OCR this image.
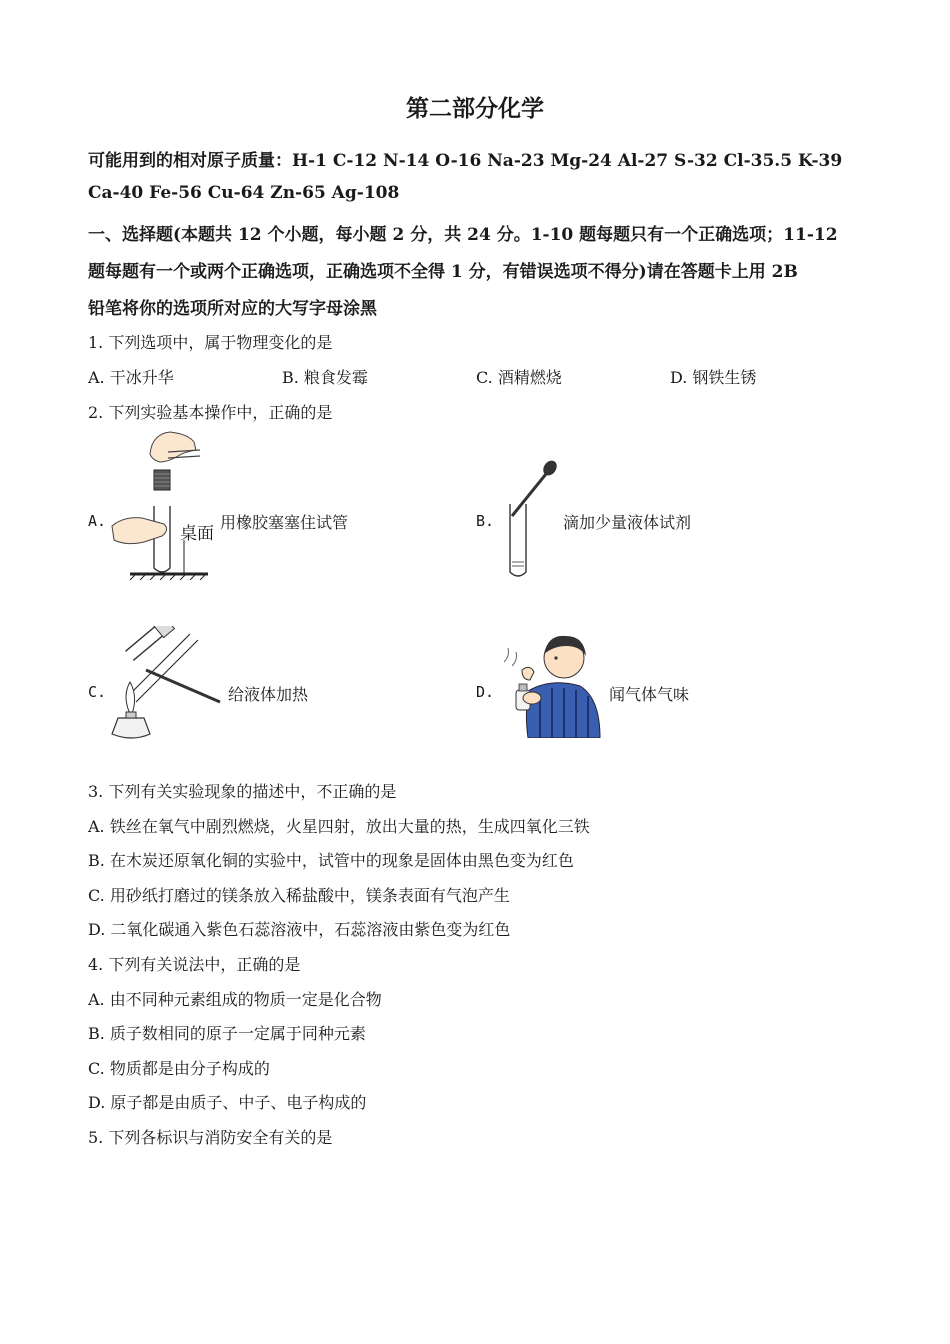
第二部分化学
可能用到的相对原子质量：H-1 C-12 N-14 O-16 Na-23 Mg-24 Al-27 S-32 Cl-35.5 K-39
Ca-40 Fe-56 Cu-64 Zn-65 Ag-108
一、选择题(本题共 12 个小题，每小题 2 分，共 24 分。1-10 题每题只有一个正确选项；11-12
题每题有一个或两个正确选项，正确选项不全得 1 分，有错误选项不得分)请在答题卡上用 2B
铅笔将你的选项所对应的大写字母涂黑
1. 下列选项中，属于物理变化的是
A. 干冰升华	B. 粮食发霉	C. 酒精燃烧	D. 钢铁生锈
2. 下列实验基本操作中，正确的是
A.
桌面
用橡胶塞塞住试管	B.	滴加少量液体试剂
C.	给液体加热	D.	闻气体气味
3. 下列有关实验现象的描述中，不正确的是
A. 铁丝在氧气中剧烈燃烧，火星四射，放出大量的热，生成四氧化三铁
B. 在木炭还原氧化铜的实验中，试管中的现象是固体由黑色变为红色
C. 用砂纸打磨过的镁条放入稀盐酸中，镁条表面有气泡产生
D. 二氧化碳通入紫色石蕊溶液中，石蕊溶液由紫色变为红色
4. 下列有关说法中，正确的是
A. 由不同种元素组成的物质一定是化合物
B. 质子数相同的原子一定属于同种元素
C. 物质都是由分子构成的
D. 原子都是由质子、中子、电子构成的
5. 下列各标识与消防安全有关的是
